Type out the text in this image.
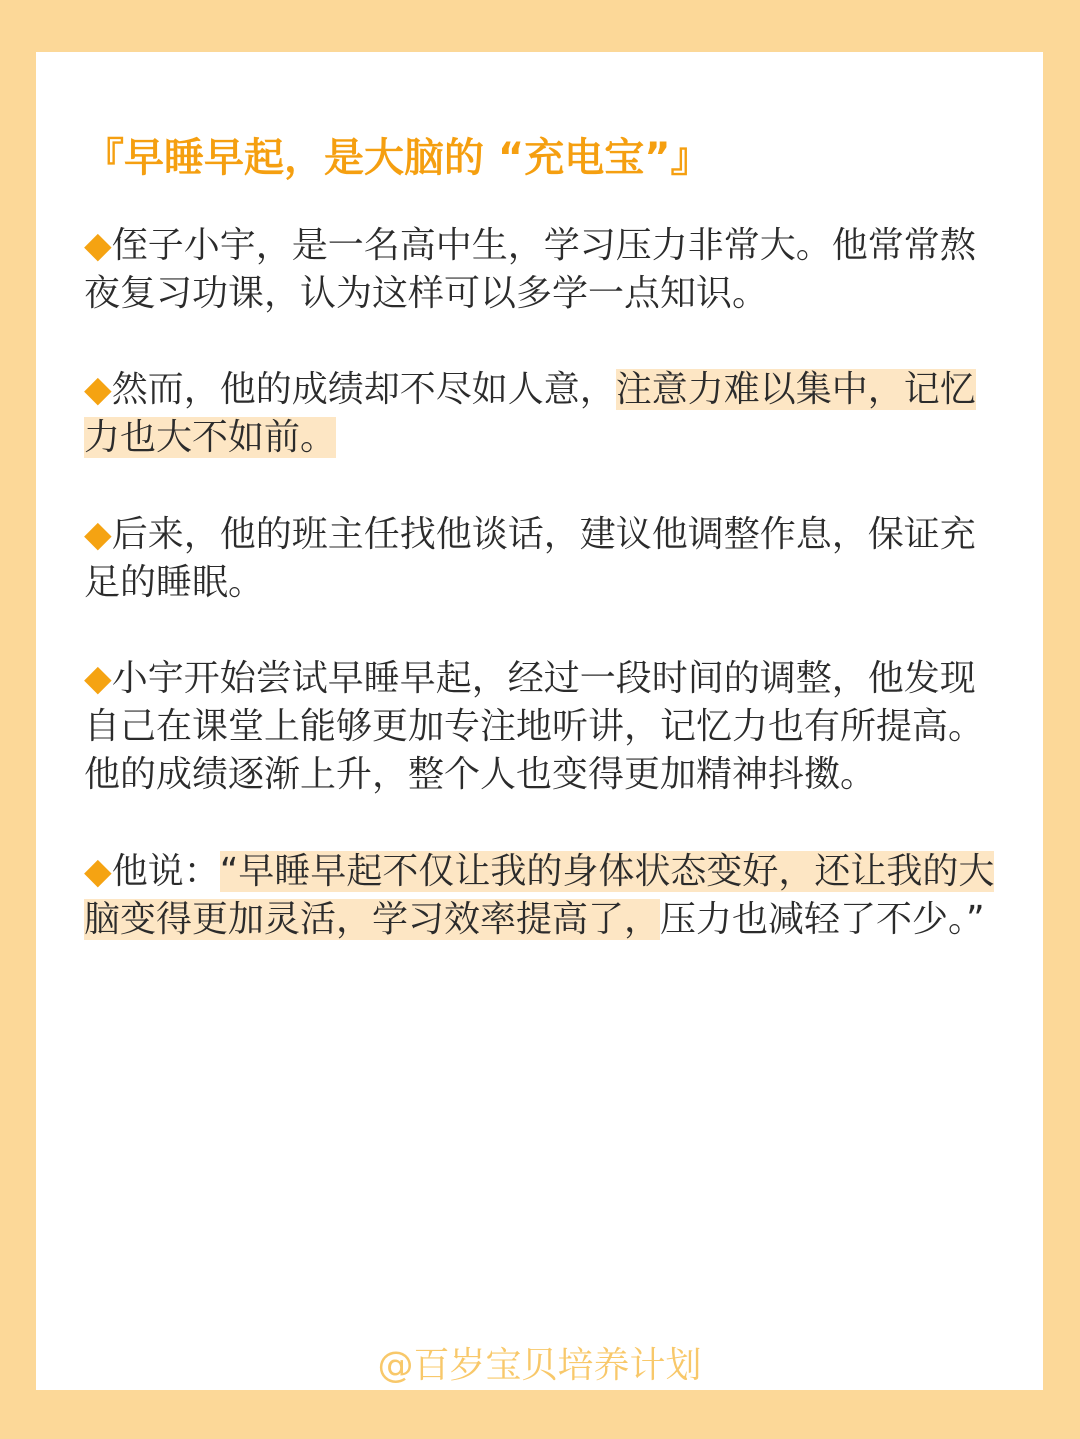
『早睡早起，是大脑的 “充电宝”』

◆侄子小宇，是一名高中生，学习压力非常大。他常常熬夜复习功课，认为这样可以多学一点知识。

◆然而，他的成绩却不尽如人意，注意力难以集中，记忆力也大不如前。

◆后来，他的班主任找他谈话，建议他调整作息，保证充足的睡眠。

◆小宇开始尝试早睡早起，经过一段时间的调整，他发现自己在课堂上能够更加专注地听讲，记忆力也有所提高。他的成绩逐渐上升，整个人也变得更加精神抖擞。

◆他说：“早睡早起不仅让我的身体状态变好，还让我的大脑变得更加灵活，学习效率提高了，压力也减轻了不少。”

@百岁宝贝培养计划
